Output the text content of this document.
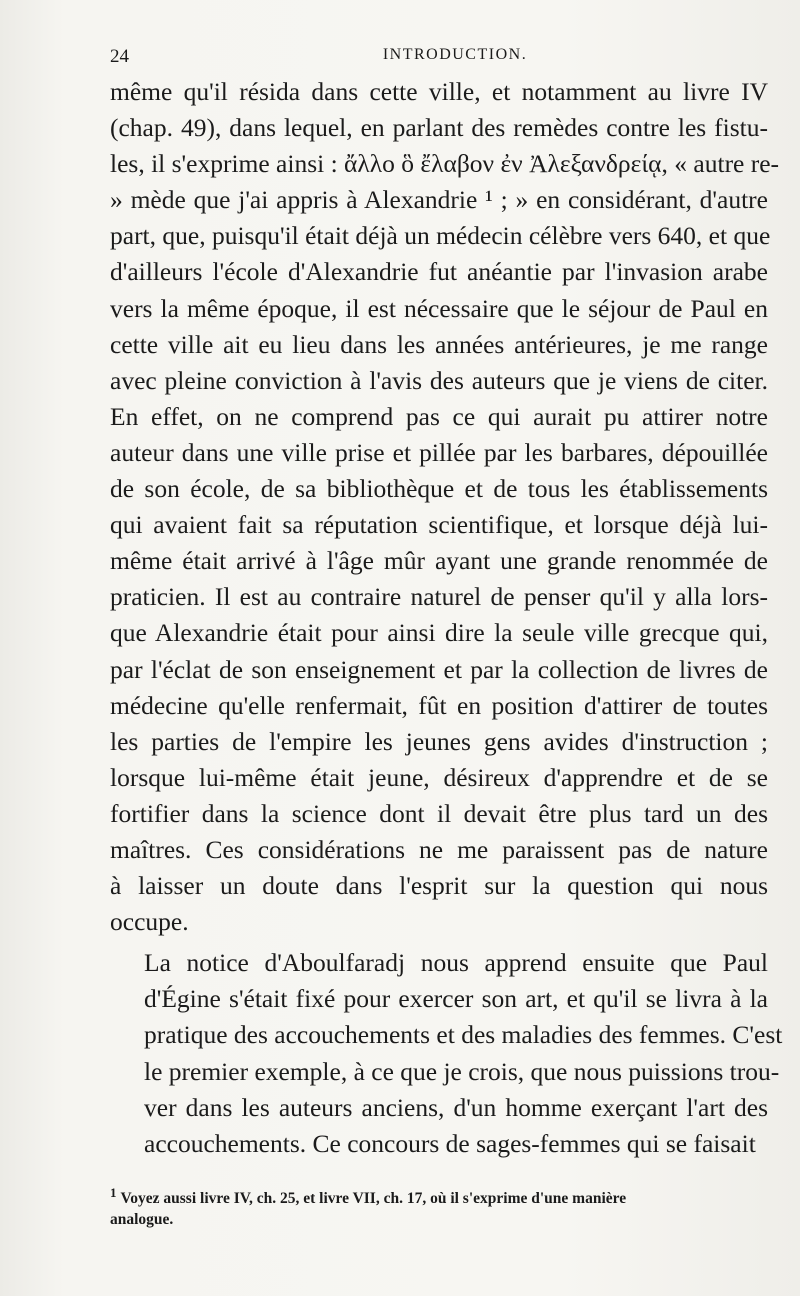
24	INTRODUCTION.

même qu'il résida dans cette ville, et notamment au livre IV
(chap. 49), dans lequel, en parlant des remèdes contre les fistu-
les, il s'exprime ainsi : ἄλλο ὃ ἔλαβον ἐν Ἀλεξανδρείᾳ, « autre re-
» mède que j'ai appris à Alexandrie ¹ ; » en considérant, d'autre
part, que, puisqu'il était déjà un médecin célèbre vers 640, et que
d'ailleurs l'école d'Alexandrie fut anéantie par l'invasion arabe
vers la même époque, il est nécessaire que le séjour de Paul en
cette ville ait eu lieu dans les années antérieures, je me range
avec pleine conviction à l'avis des auteurs que je viens de citer.
En effet, on ne comprend pas ce qui aurait pu attirer notre
auteur dans une ville prise et pillée par les barbares, dépouillée
de son école, de sa bibliothèque et de tous les établissements
qui avaient fait sa réputation scientifique, et lorsque déjà lui-
même était arrivé à l'âge mûr ayant une grande renommée de
praticien. Il est au contraire naturel de penser qu'il y alla lors-
que Alexandrie était pour ainsi dire la seule ville grecque qui,
par l'éclat de son enseignement et par la collection de livres de
médecine qu'elle renfermait, fût en position d'attirer de toutes
les parties de l'empire les jeunes gens avides d'instruction ;
lorsque lui-même était jeune, désireux d'apprendre et de se
fortifier dans la science dont il devait être plus tard un des
maîtres. Ces considérations ne me paraissent pas de nature
à laisser un doute dans l'esprit sur la question qui nous
occupe.

La notice d'Aboulfaradj nous apprend ensuite que Paul
d'Égine s'était fixé pour exercer son art, et qu'il se livra à la
pratique des accouchements et des maladies des femmes. C'est
le premier exemple, à ce que je crois, que nous puissions trou-
ver dans les auteurs anciens, d'un homme exerçant l'art des
accouchements. Ce concours de sages-femmes qui se faisait

$^1$ Voyez aussi livre IV, ch. 25, et livre VII, ch. 17, où il s'exprime d'une manière
analogue.
